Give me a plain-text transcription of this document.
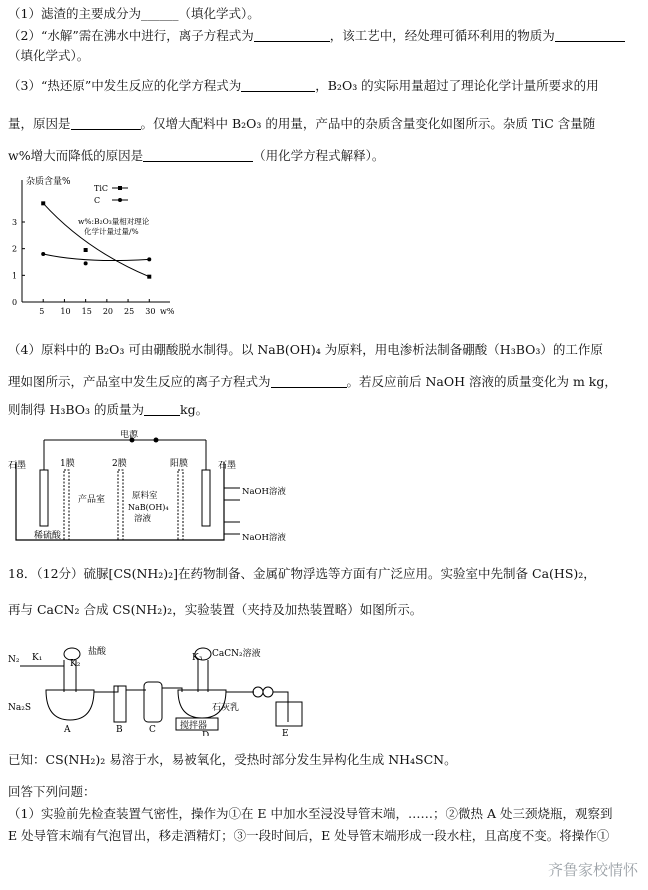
（1）滤渣的主要成分为______（填化学式）。
（2）“水解”需在沸水中进行，离子方程式为	，该工艺中，经处理可循环利用的物质为
（填化学式）。
（3）“热还原”中发生反应的化学方程式为	，B₂O₃ 的实际用量超过了理论化学计量所要求的用
量，原因是	。仅增大配料中 B₂O₃ 的用量，产品中的杂质含量变化如图所示。杂质 TiC 含量随
w%增大而降低的原因是	（用化学方程式解释）。
5 10 15 20 25 30
0
1
2
3
杂质含量%
w%
w%:B₂O₃量相对理论
化学计量过量/%
TiC
C
（4）原料中的 B₂O₃ 可由硼酸脱水制得。以 NaB(OH)₄ 为原料，用电渗析法制备硼酸（H₃BO₃）的工作原
理如图所示，产品室中发生反应的离子方程式为	。若反应前后 NaOH 溶液的质量变化为 m kg，
则制得 H₃BO₃ 的质量为	kg。
电源
石墨	1膜	2膜	阳膜	石墨
产品室	原料室
NaB(OH)₄
溶液
稀硫酸
NaOH溶液
NaOH溶液
18．（12分）硫脲[CS(NH₂)₂]在药物制备、金属矿物浮选等方面有广泛应用。实验室中先制备 Ca(HS)₂，
再与 CaCN₂ 合成 CS(NH₂)₂，实验装置（夹持及加热装置略）如图所示。
N₂ K₁
K₂
盐酸
Na₂S
K₃ CaCN₂溶液
石灰乳
搅拌器
A	B	C
D	E
已知：CS(NH₂)₂ 易溶于水，易被氧化，受热时部分发生异构化生成 NH₄SCN。
回答下列问题：
（1）实验前先检查装置气密性，操作为①在 E 中加水至浸没导管末端，……；②微热 A 处三颈烧瓶，观察到
E 处导管末端有气泡冒出，移走酒精灯；③一段时间后，E 处导管末端形成一段水柱，且高度不变。将操作①
齐鲁家校情怀
